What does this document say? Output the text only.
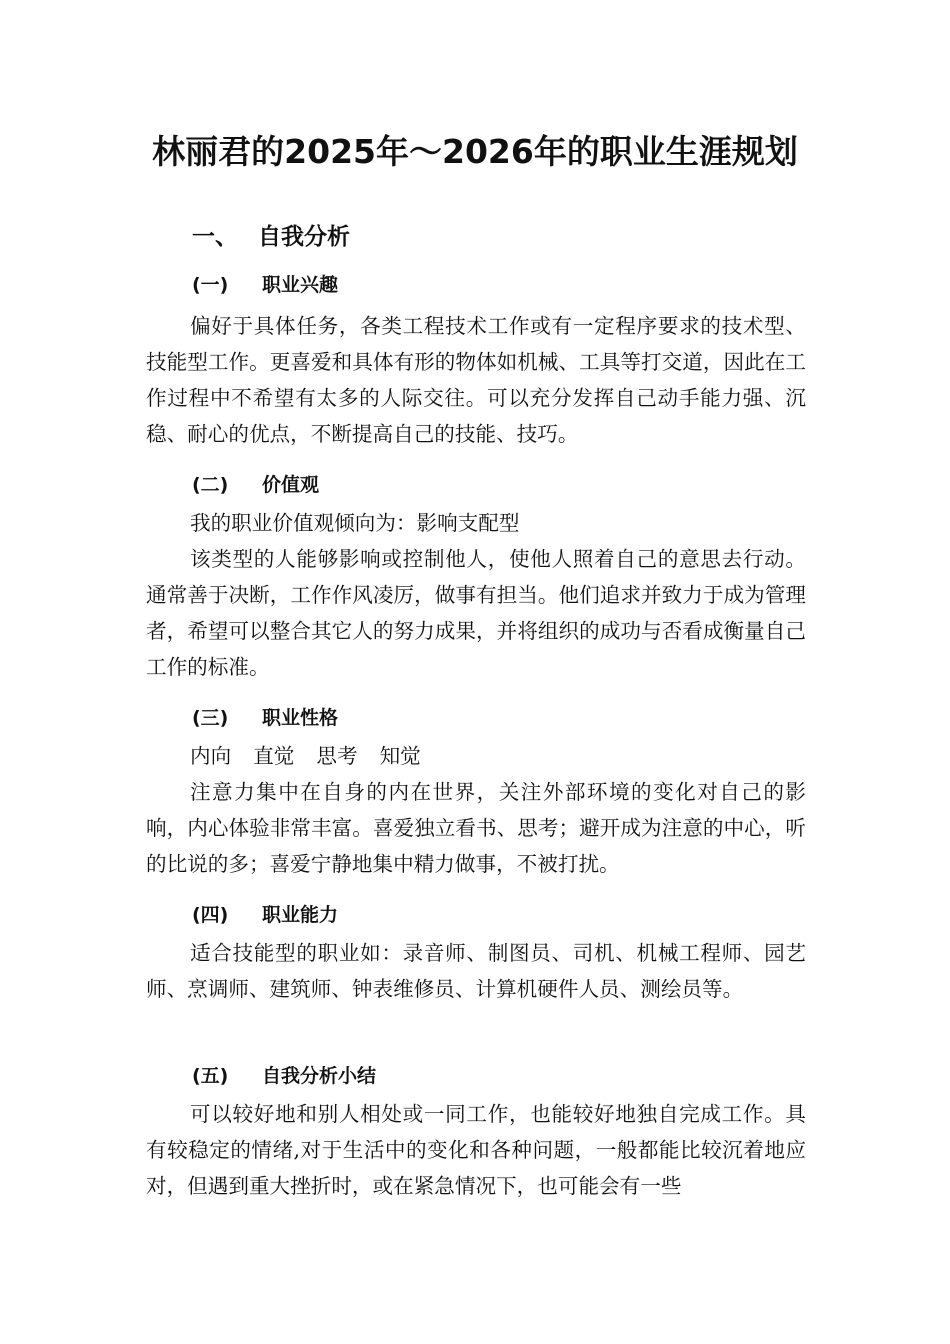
林丽君的2025年～2026年的职业生涯规划
一、 自我分析
(一) 职业兴趣

偏好于具体任务，各类工程技术工作或有一定程序要求的技术型、技能型工作。更喜爱和具体有形的物体如机械、工具等打交道，因此在工作过程中不希望有太多的人际交往。可以充分发挥自己动手能力强、沉稳、耐心的优点，不断提高自己的技能、技巧。

(二) 价值观
我的职业价值观倾向为：影响支配型

该类型的人能够影响或控制他人，使他人照着自己的意思去行动。通常善于决断，工作作风凌厉，做事有担当。他们追求并致力于成为管理者，希望可以整合其它人的努力成果，并将组织的成功与否看成衡量自己工作的标准。

(三) 职业性格
内向 直觉 思考 知觉

注意力集中在自身的内在世界，关注外部环境的变化对自己的影响，内心体验非常丰富。喜爱独立看书、思考；避开成为注意的中心，听的比说的多；喜爱宁静地集中精力做事，不被打扰。

(四) 职业能力

适合技能型的职业如：录音师、制图员、司机、机械工程师、园艺师、烹调师、建筑师、钟表维修员、计算机硬件人员、测绘员等。

(五) 自我分析小结

可以较好地和别人相处或一同工作，也能较好地独自完成工作。具有较稳定的情绪,对于生活中的变化和各种问题，一般都能比较沉着地应对，但遇到重大挫折时，或在紧急情况下，也可能会有一些
